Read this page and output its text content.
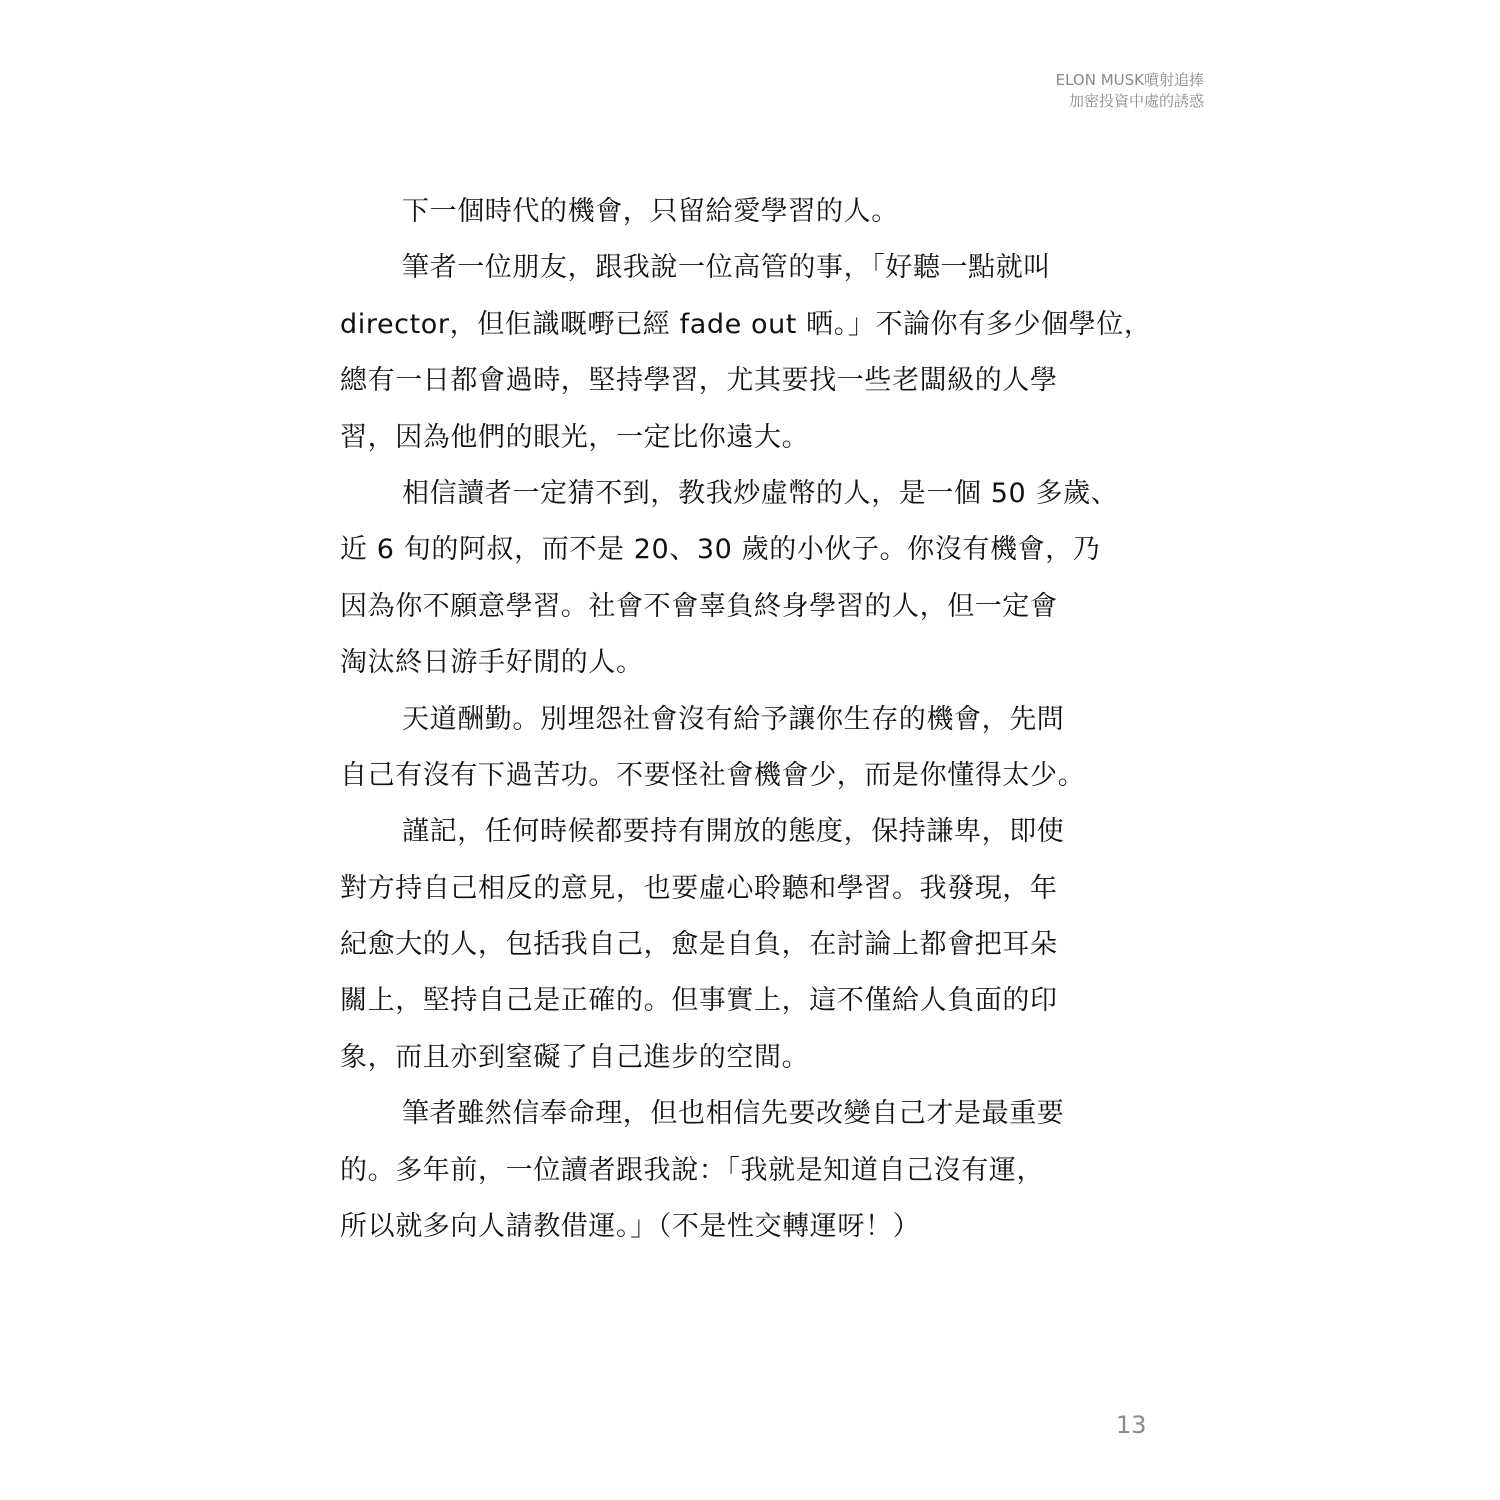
ELON MUSK噴射追捧
加密投資中處的誘惑
下一個時代的機會，只留給愛學習的人。
筆者一位朋友，跟我說一位高管的事，「好聽一點就叫
director，但佢識嘅嘢已經 fade out 晒。」不論你有多少個學位，
總有一日都會過時，堅持學習，尤其要找一些老闆級的人學
習，因為他們的眼光，一定比你遠大。
相信讀者一定猜不到，教我炒虛幣的人，是一個 50 多歲、
近 6 旬的阿叔，而不是 20、30 歲的小伙子。你沒有機會，乃
因為你不願意學習。社會不會辜負終身學習的人，但一定會
淘汰終日游手好閒的人。
天道酬勤。別埋怨社會沒有給予讓你生存的機會，先問
自己有沒有下過苦功。不要怪社會機會少，而是你懂得太少。
謹記，任何時候都要持有開放的態度，保持謙卑，即使
對方持自己相反的意見，也要虛心聆聽和學習。我發現，年
紀愈大的人，包括我自己，愈是自負，在討論上都會把耳朵
關上，堅持自己是正確的。但事實上，這不僅給人負面的印
象，而且亦到窒礙了自己進步的空間。
筆者雖然信奉命理，但也相信先要改變自己才是最重要
的。多年前，一位讀者跟我說：「我就是知道自己沒有運，
所以就多向人請教借運。」（不是性交轉運呀！）
13
